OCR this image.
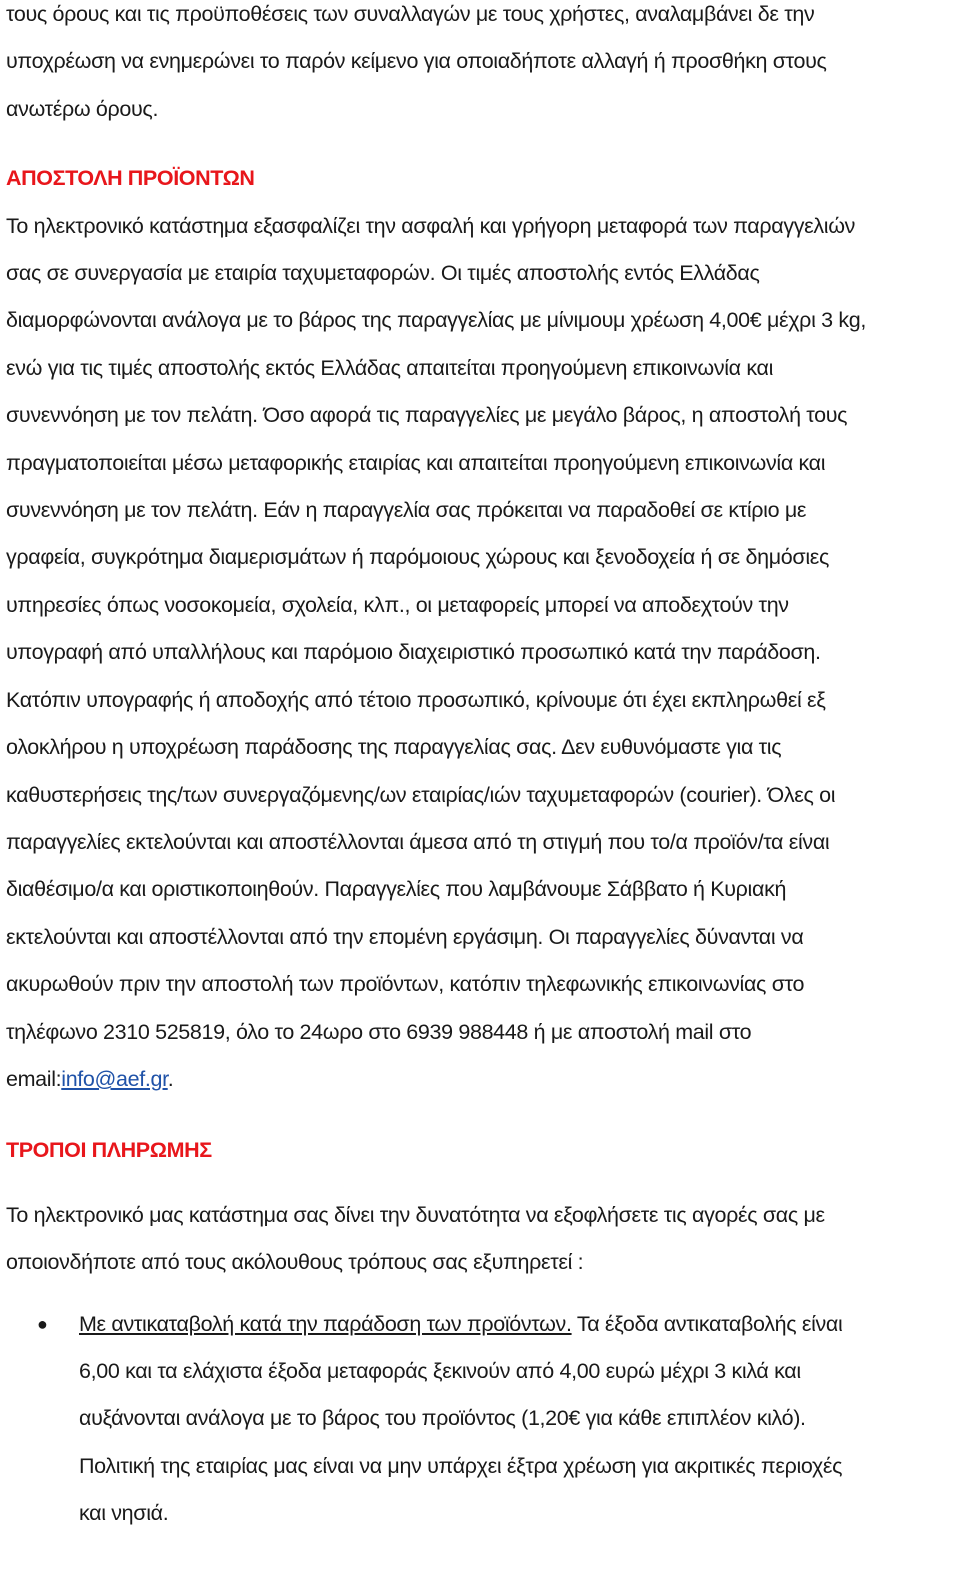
τους όρους και τις προϋποθέσεις των συναλλαγών με τους χρήστες, αναλαμβάνει δε την
υποχρέωση να ενημερώνει το παρόν κείμενο για οποιαδήποτε αλλαγή ή προσθήκη στους
ανωτέρω όρους.

ΑΠΟΣΤΟΛΗ ΠΡΟΪΟΝΤΩΝ

Το ηλεκτρονικό κατάστημα εξασφαλίζει την ασφαλή και γρήγορη μεταφορά των παραγγελιών
σας σε συνεργασία με εταιρία ταχυμεταφορών. Οι τιμές αποστολής εντός Ελλάδας
διαμορφώνονται ανάλογα με το βάρος της παραγγελίας με μίνιμουμ χρέωση 4,00€ μέχρι 3 kg,
ενώ για τις τιμές αποστολής εκτός Ελλάδας απαιτείται προηγούμενη επικοινωνία και
συνεννόηση με τον πελάτη. Όσο αφορά τις παραγγελίες με μεγάλο βάρος, η αποστολή τους
πραγματοποιείται μέσω μεταφορικής εταιρίας και απαιτείται προηγούμενη επικοινωνία και
συνεννόηση με τον πελάτη. Εάν η παραγγελία σας πρόκειται να παραδοθεί σε κτίριο με
γραφεία, συγκρότημα διαμερισμάτων ή παρόμοιους χώρους και ξενοδοχεία ή σε δημόσιες
υπηρεσίες όπως νοσοκομεία, σχολεία, κλπ., οι μεταφορείς μπορεί να αποδεχτούν την
υπογραφή από υπαλλήλους και παρόμοιο διαχειριστικό προσωπικό κατά την παράδοση.
Κατόπιν υπογραφής ή αποδοχής από τέτοιο προσωπικό, κρίνουμε ότι έχει εκπληρωθεί εξ
ολοκλήρου η υποχρέωση παράδοσης της παραγγελίας σας. Δεν ευθυνόμαστε για τις
καθυστερήσεις της/των συνεργαζόμενης/ων εταιρίας/ιών ταχυμεταφορών (courier). Όλες οι
παραγγελίες εκτελούνται και αποστέλλονται άμεσα από τη στιγμή που το/α προϊόν/τα είναι
διαθέσιμο/α και οριστικοποιηθούν. Παραγγελίες που λαμβάνουμε Σάββατο ή Κυριακή
εκτελούνται και αποστέλλονται από την επομένη εργάσιμη. Οι παραγγελίες δύνανται να
ακυρωθούν πριν την αποστολή των προϊόντων, κατόπιν τηλεφωνικής επικοινωνίας στο
τηλέφωνο 2310 525819, όλο το 24ωρο στο 6939 988448 ή με αποστολή mail στο
email:info@aef.gr.

ΤΡΟΠΟΙ ΠΛΗΡΩΜΗΣ

Το ηλεκτρονικό μας κατάστημα σας δίνει την δυνατότητα να εξοφλήσετε τις αγορές σας με
οποιονδήποτε από τους ακόλουθους τρόπους σας εξυπηρετεί :

● Με αντικαταβολή κατά την παράδοση των προϊόντων. Τα έξοδα αντικαταβολής είναι
6,00 και τα ελάχιστα έξοδα μεταφοράς ξεκινούν από 4,00 ευρώ μέχρι 3 κιλά και
αυξάνονται ανάλογα με το βάρος του προϊόντος (1,20€ για κάθε επιπλέον κιλό).
Πολιτική της εταιρίας μας είναι να μην υπάρχει έξτρα χρέωση για ακριτικές περιοχές
και νησιά.
